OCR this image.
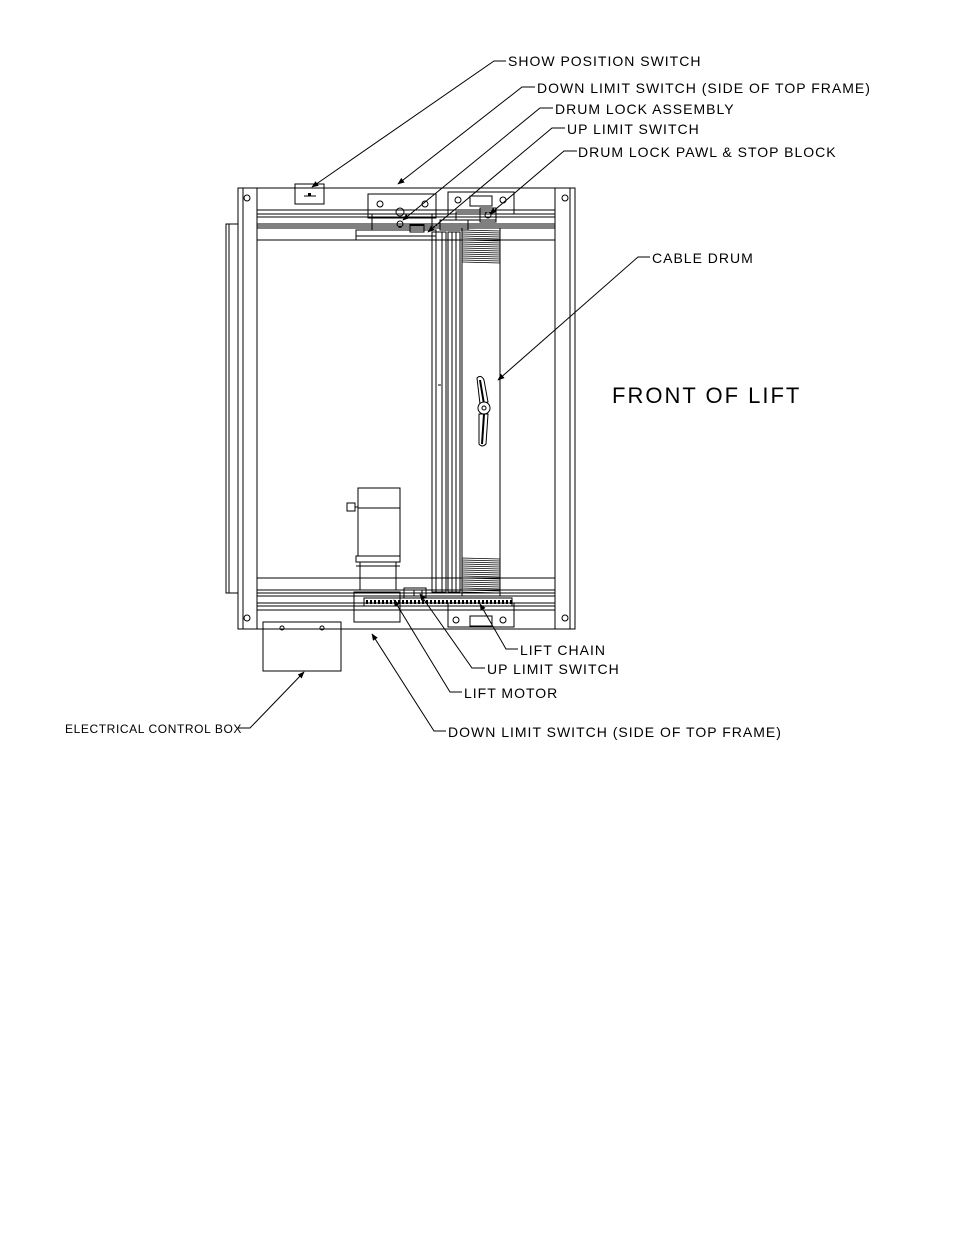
SHOW POSITION SWITCH
DOWN LIMIT SWITCH (SIDE OF TOP FRAME)
DRUM LOCK ASSEMBLY
UP LIMIT SWITCH
DRUM LOCK PAWL & STOP BLOCK
CABLE DRUM
FRONT OF LIFT
LIFT CHAIN
UP LIMIT SWITCH
LIFT MOTOR
ELECTRICAL CONTROL BOX	DOWN LIMIT SWITCH (SIDE OF TOP FRAME)
